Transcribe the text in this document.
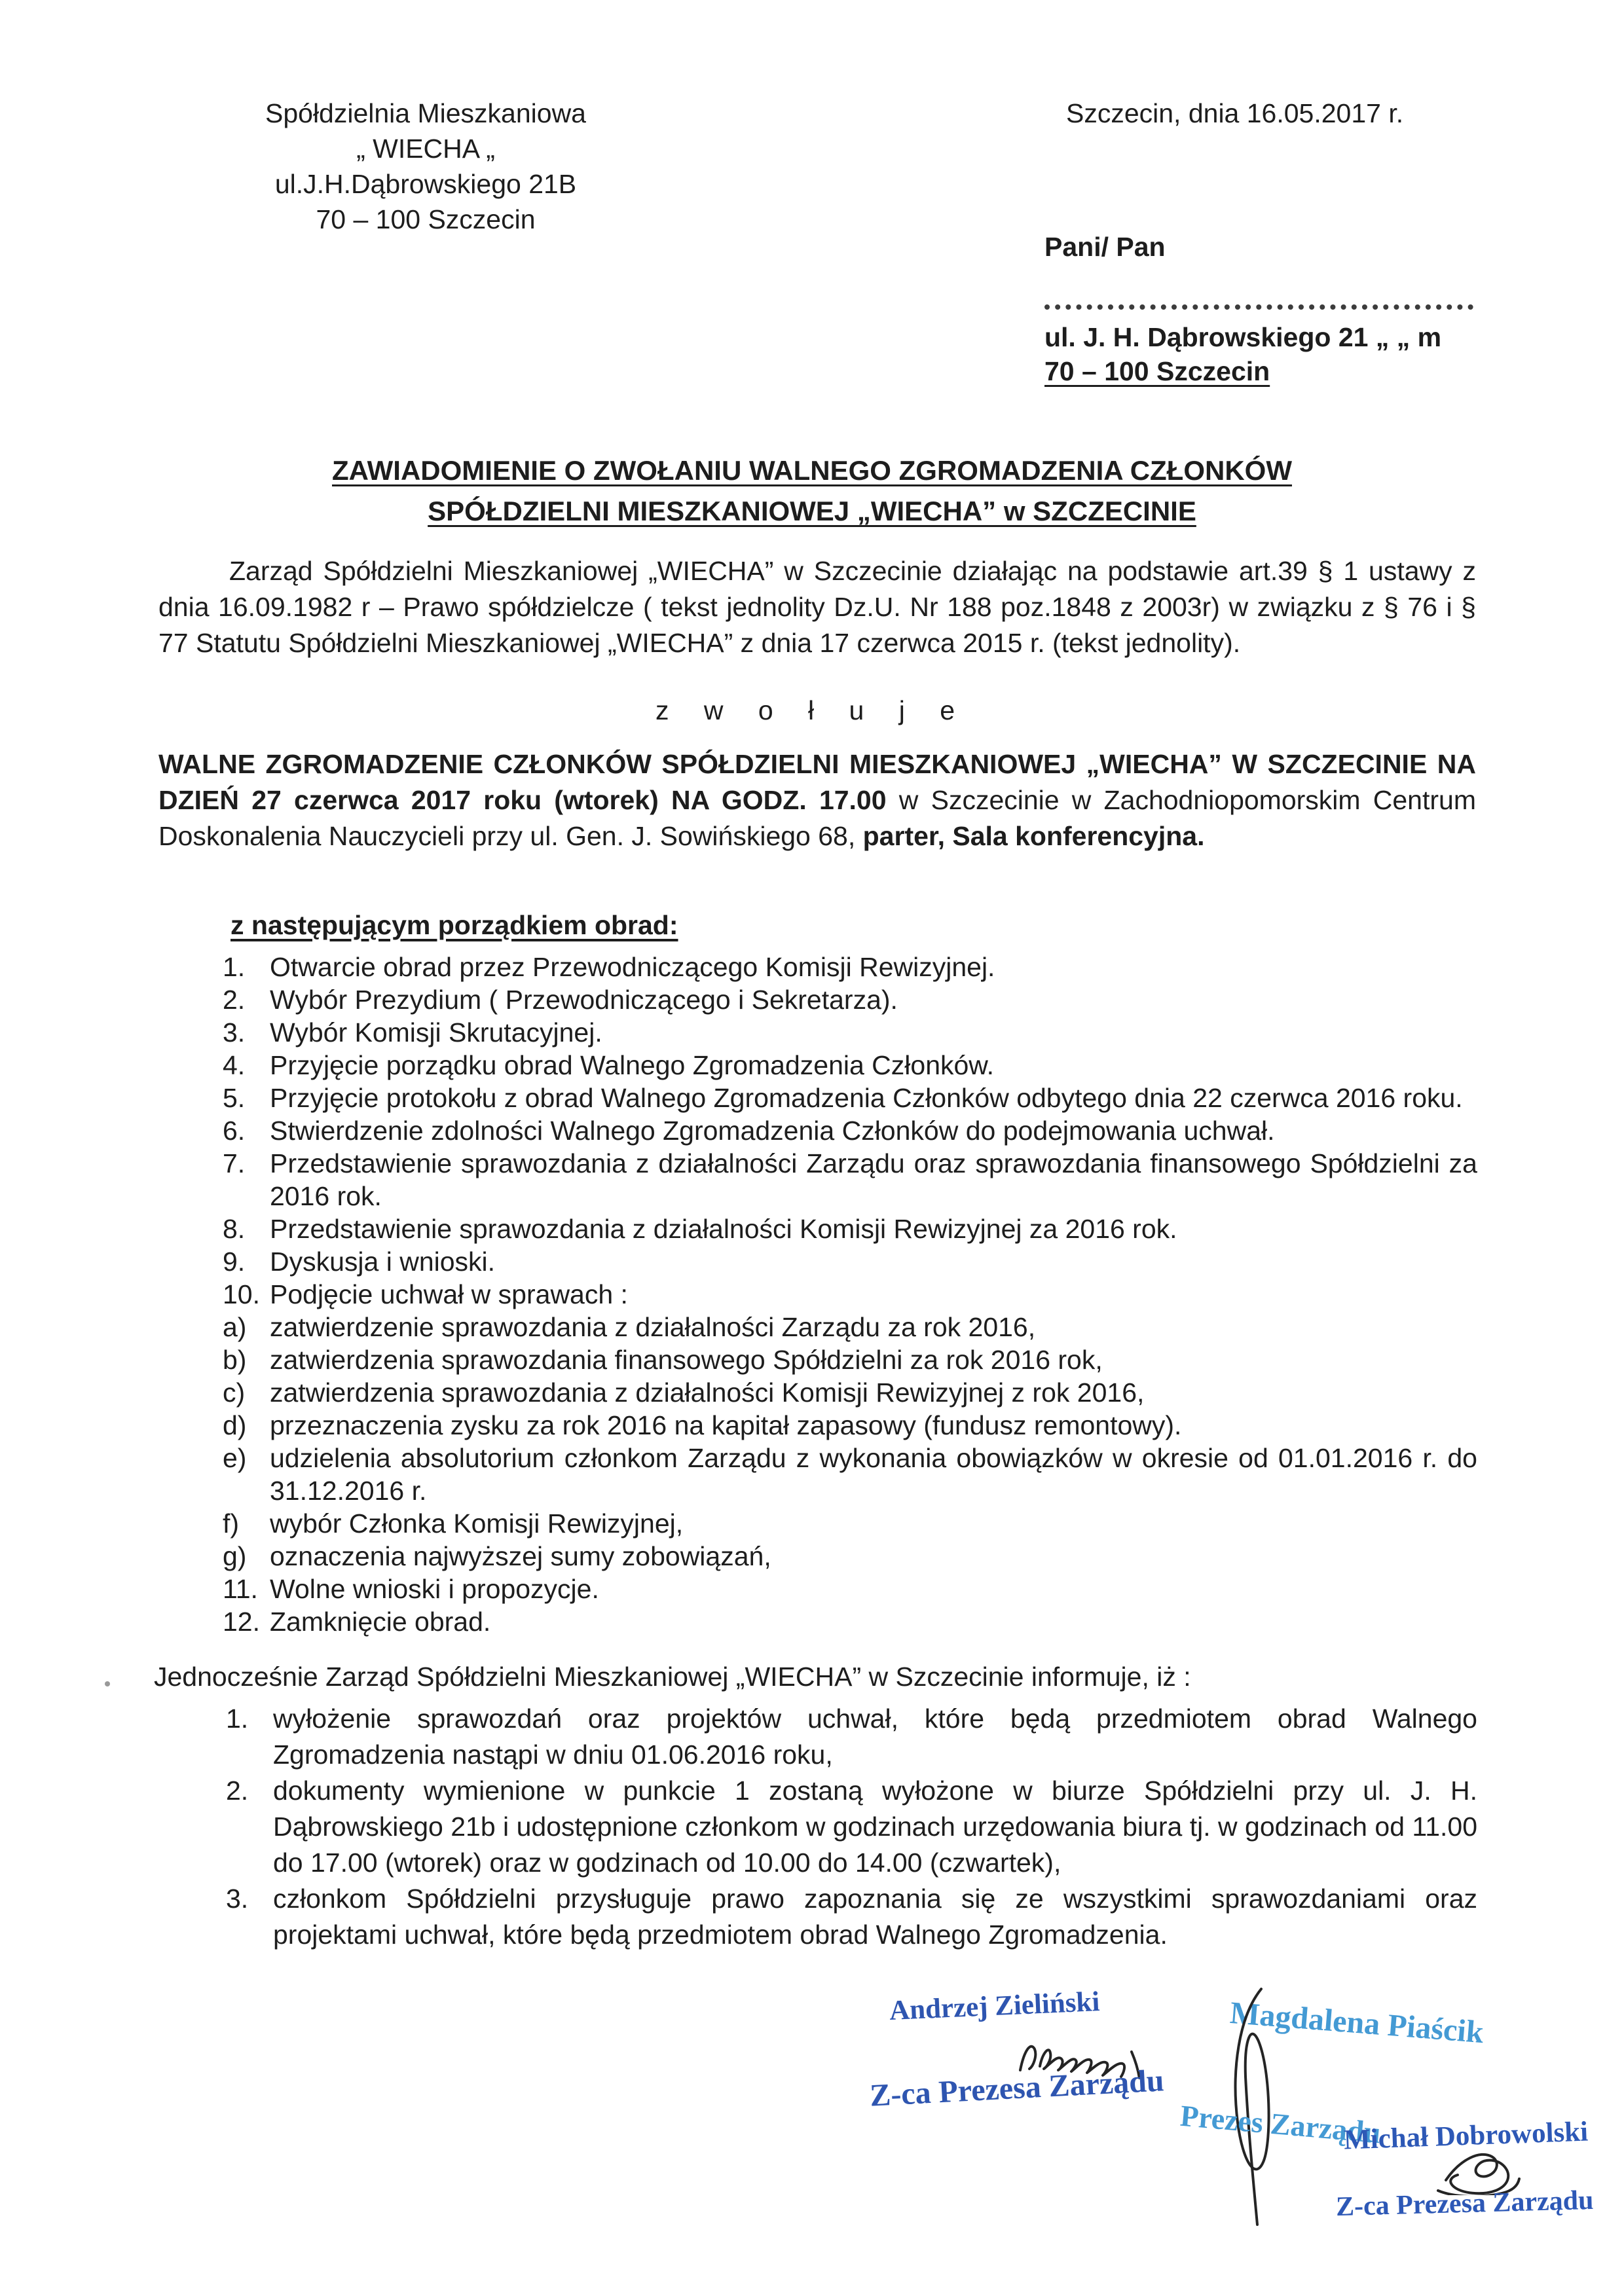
Spółdzielnia Mieszkaniowa
„ WIECHA „
ul.J.H.Dąbrowskiego 21B
70 – 100 Szczecin
Szczecin, dnia 16.05.2017 r.
Pani/ Pan
ul. J. H. Dąbrowskiego 21 „ „ m
70 – 100 Szczecin
ZAWIADOMIENIE O ZWOŁANIU WALNEGO ZGROMADZENIA CZŁONKÓW
SPÓŁDZIELNI MIESZKANIOWEJ „WIECHA” w SZCZECINIE

Zarząd Spółdzielni Mieszkaniowej „WIECHA” w Szczecinie działając na podstawie art.39 § 1 ustawy z dnia 16.09.1982 r – Prawo spółdzielcze ( tekst jednolity Dz.U. Nr 188 poz.1848 z 2003r) w związku z § 76 i § 77 Statutu Spółdzielni Mieszkaniowej „WIECHA” z dnia 17 czerwca 2015 r. (tekst jednolity).

z w o ł u j e

WALNE ZGROMADZENIE CZŁONKÓW SPÓŁDZIELNI MIESZKANIOWEJ „WIECHA” W SZCZECINIE NA DZIEŃ 27 czerwca 2017 roku (wtorek) NA GODZ. 17.00 w Szczecinie w Zachodniopomorskim Centrum Doskonalenia Nauczycieli przy ul. Gen. J. Sowińskiego 68, parter, Sala konferencyjna.

z następującym porządkiem obrad:
1. Otwarcie obrad przez Przewodniczącego Komisji Rewizyjnej.
2. Wybór Prezydium ( Przewodniczącego i Sekretarza).
3. Wybór Komisji Skrutacyjnej.
4. Przyjęcie porządku obrad Walnego Zgromadzenia Członków.
5. Przyjęcie protokołu z obrad Walnego Zgromadzenia Członków odbytego dnia 22 czerwca 2016 roku.
6. Stwierdzenie zdolności Walnego Zgromadzenia Członków do podejmowania uchwał.
7. Przedstawienie sprawozdania z działalności Zarządu oraz sprawozdania finansowego Spółdzielni za 2016 rok.
8. Przedstawienie sprawozdania z działalności Komisji Rewizyjnej za 2016 rok.
9. Dyskusja i wnioski.
10. Podjęcie uchwał w sprawach :
a) zatwierdzenie sprawozdania z działalności Zarządu za rok 2016,
b) zatwierdzenia sprawozdania finansowego Spółdzielni za rok 2016 rok,
c) zatwierdzenia sprawozdania z działalności Komisji Rewizyjnej z rok 2016,
d) przeznaczenia zysku za rok 2016 na kapitał zapasowy (fundusz remontowy).
e) udzielenia absolutorium członkom Zarządu z wykonania obowiązków w okresie od 01.01.2016 r. do 31.12.2016 r.
f)	wybór Członka Komisji Rewizyjnej,
g) oznaczenia najwyższej sumy zobowiązań,
11. Wolne wnioski i propozycje.
12. Zamknięcie obrad.

Jednocześnie Zarząd Spółdzielni Mieszkaniowej „WIECHA” w Szczecinie informuje, iż :

1. wyłożenie sprawozdań oraz projektów uchwał, które będą przedmiotem obrad Walnego Zgromadzenia nastąpi w dniu 01.06.2016 roku,
2. dokumenty wymienione w punkcie 1 zostaną wyłożone w biurze Spółdzielni przy ul. J. H. Dąbrowskiego 21b i udostępnione członkom w godzinach urzędowania biura tj. w godzinach od 11.00 do 17.00 (wtorek) oraz w godzinach od 10.00 do 14.00 (czwartek),
3. członkom Spółdzielni przysługuje prawo zapoznania się ze wszystkimi sprawozdaniami oraz projektami uchwał, które będą przedmiotem obrad Walnego Zgromadzenia.
Andrzej Zieliński
Z-ca Prezesa Zarządu
Magdalena Piaścik
Prezes Zarządu
Michał Dobrowolski
Z-ca Prezesa Zarządu
